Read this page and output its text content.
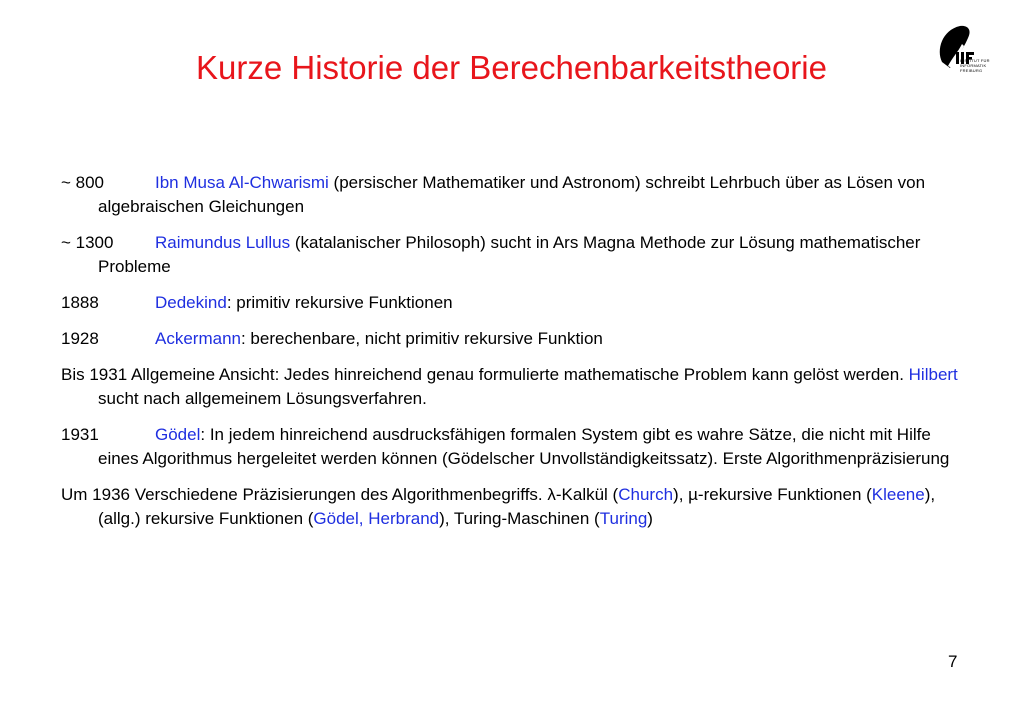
Kurze Historie der Berechenbarkeitstheorie	INSTITUT FÜR
INFORMATIK
FREIBURG

~ 800	Ibn Musa Al-Chwarismi (persischer Mathematiker und Astronom) schreibt Lehrbuch über as Lösen von algebraischen Gleichungen

~ 1300 Raimundus Lullus (katalanischer Philosoph) sucht in Ars Magna Methode zur Lösung mathematischer Probleme

1888	Dedekind: primitiv rekursive Funktionen

1928	Ackermann: berechenbare, nicht primitiv rekursive Funktion

Bis 1931 Allgemeine Ansicht: Jedes hinreichend genau formulierte mathematische Problem kann gelöst werden. Hilbert sucht nach allgemeinem Lösungsverfahren.

1931	Gödel: In jedem hinreichend ausdrucksfähigen formalen System gibt es wahre Sätze, die nicht mit Hilfe eines Algorithmus hergeleitet werden können (Gödelscher Unvollständigkeitssatz). Erste Algorithmenpräzisierung

Um 1936 Verschiedene Präzisierungen des Algorithmenbegriffs. λ-Kalkül (Church), µ-rekursive Funktionen (Kleene), (allg.) rekursive Funktionen (Gödel, Herbrand), Turing-Maschinen (Turing)

7
